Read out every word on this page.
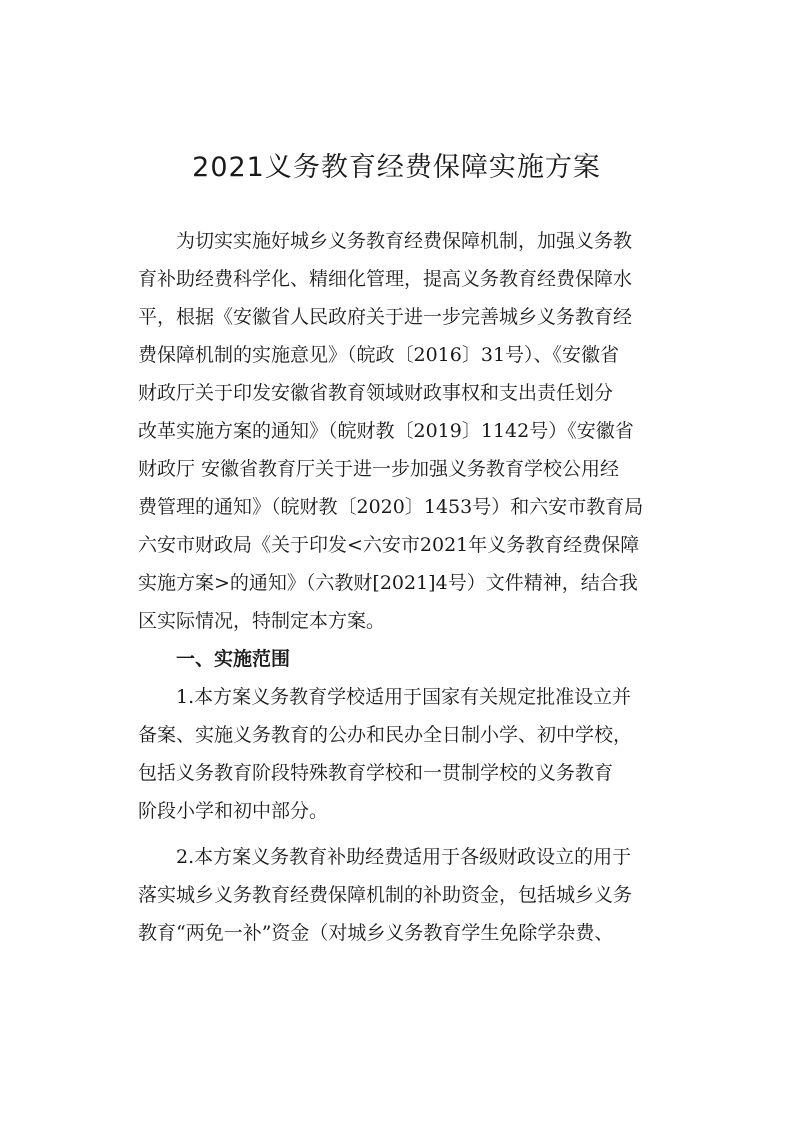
2021义务教育经费保障实施方案
为切实实施好城乡义务教育经费保障机制，加强义务教
育补助经费科学化、精细化管理，提高义务教育经费保障水
平，根据《安徽省人民政府关于进一步完善城乡义务教育经
费保障机制的实施意见》（皖政〔2016〕31号）、《安徽省
财政厅关于印发安徽省教育领域财政事权和支出责任划分
改革实施方案的通知》（皖财教〔2019〕1142号）《安徽省
财政厅 安徽省教育厅关于进一步加强义务教育学校公用经
费管理的通知》（皖财教〔2020〕1453号）和六安市教育局
六安市财政局《关于印发<六安市2021年义务教育经费保障
实施方案>的通知》（六教财[2021]4号）文件精神，结合我
区实际情况，特制定本方案。
一、实施范围
1.本方案义务教育学校适用于国家有关规定批准设立并
备案、实施义务教育的公办和民办全日制小学、初中学校，
包括义务教育阶段特殊教育学校和一贯制学校的义务教育
阶段小学和初中部分。
2.本方案义务教育补助经费适用于各级财政设立的用于
落实城乡义务教育经费保障机制的补助资金，包括城乡义务
教育“两免一补”资金（对城乡义务教育学生免除学杂费、
